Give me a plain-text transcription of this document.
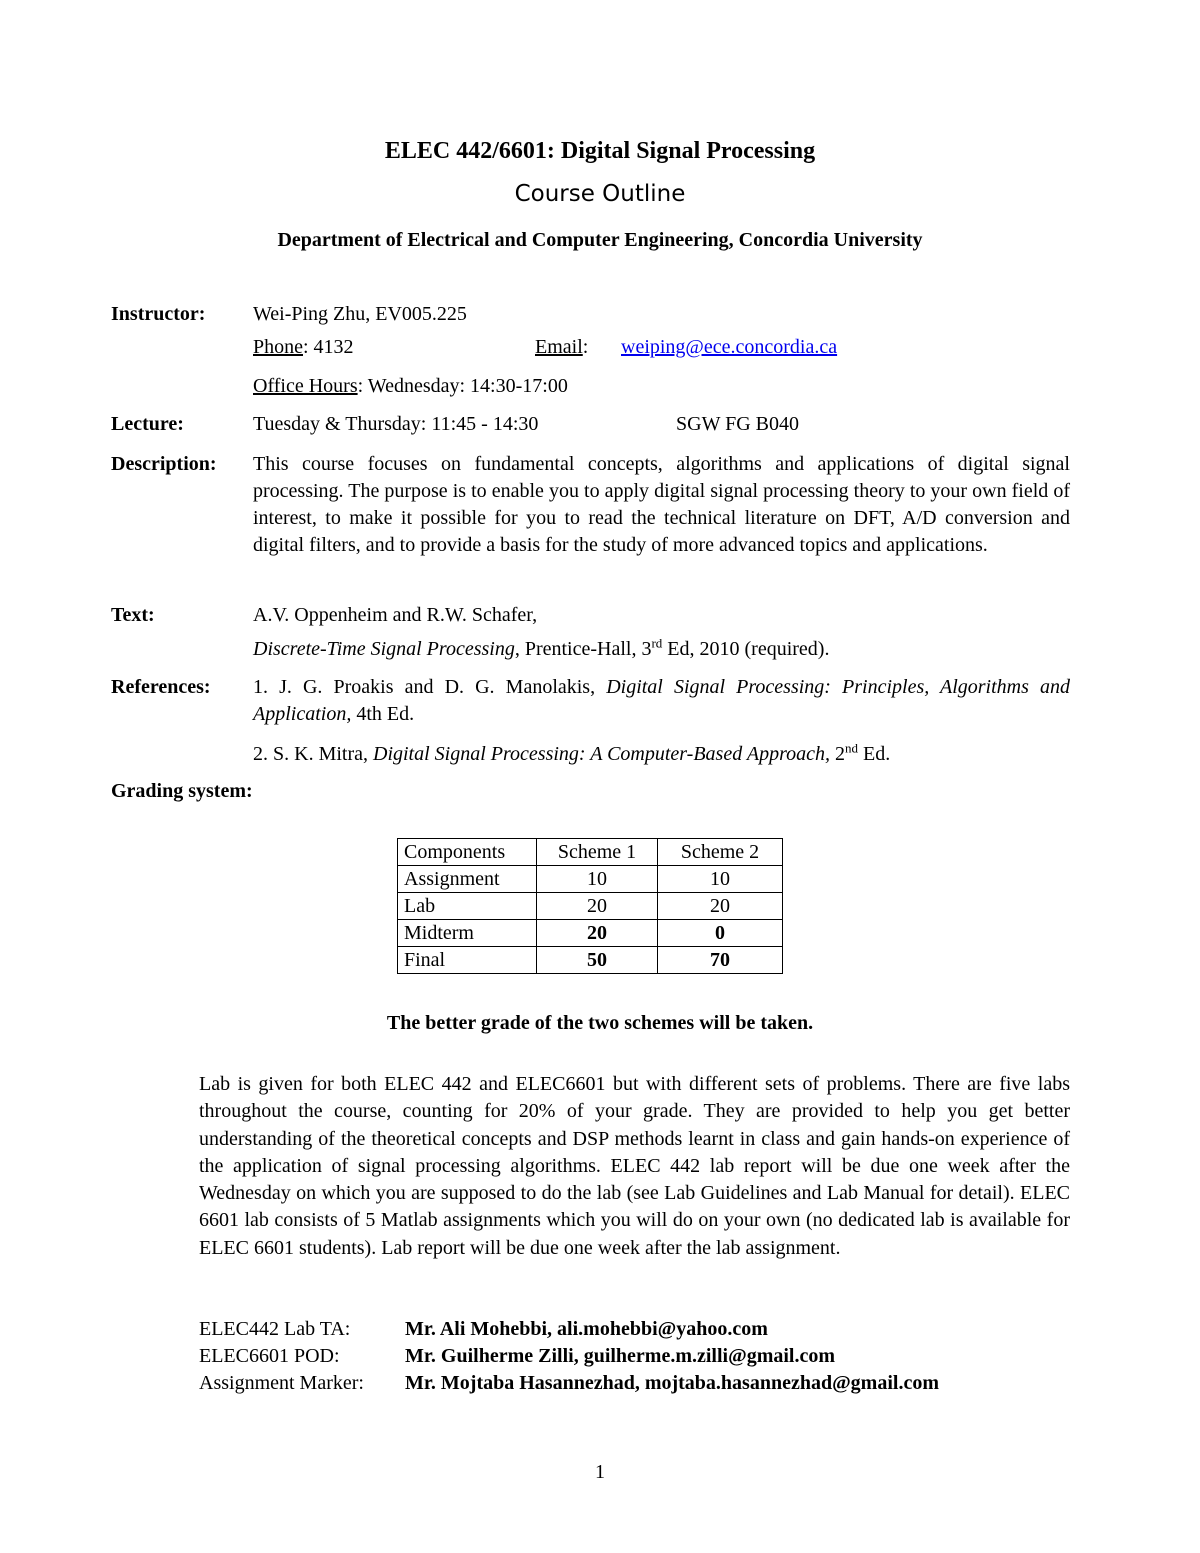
ELEC 442/6601: Digital Signal Processing
Course Outline
Department of Electrical and Computer Engineering, Concordia University
Instructor: Wei-Ping Zhu, EV005.225
Phone: 4132	Email: weiping@ece.concordia.ca
Office Hours: Wednesday: 14:30-17:00
Lecture:	Tuesday & Thursday: 11:45 - 14:30	SGW FG B040
Description: This course focuses on fundamental concepts, algorithms and applications of digital signal processing. The purpose is to enable you to apply digital signal processing theory to your own field of interest, to make it possible for you to read the technical literature on DFT, A/D conversion and digital filters, and to provide a basis for the study of more advanced topics and applications.
Text:	A.V. Oppenheim and R.W. Schafer,
Discrete-Time Signal Processing, Prentice-Hall, 3rd Ed, 2010 (required).
References: 1. J. G. Proakis and D. G. Manolakis, Digital Signal Processing: Principles, Algorithms and Application, 4th Ed.
2. S. K. Mitra, Digital Signal Processing: A Computer-Based Approach, 2nd Ed.
Grading system:
Components	Scheme 1	Scheme 2
Assignment	10	10
Lab	20	20
Midterm	20	0
Final	50	70
The better grade of the two schemes will be taken.
Lab is given for both ELEC 442 and ELEC6601 but with different sets of problems. There are five labs throughout the course, counting for 20% of your grade. They are provided to help you get better understanding of the theoretical concepts and DSP methods learnt in class and gain hands-on experience of the application of signal processing algorithms. ELEC 442 lab report will be due one week after the Wednesday on which you are supposed to do the lab (see Lab Guidelines and Lab Manual for detail). ELEC 6601 lab consists of 5 Matlab assignments which you will do on your own (no dedicated lab is available for ELEC 6601 students). Lab report will be due one week after the lab assignment.
ELEC442 Lab TA:	Mr. Ali Mohebbi, ali.mohebbi@yahoo.com
ELEC6601 POD:	Mr. Guilherme Zilli, guilherme.m.zilli@gmail.com
Assignment Marker: Mr. Mojtaba Hasannezhad, mojtaba.hasannezhad@gmail.com
1
